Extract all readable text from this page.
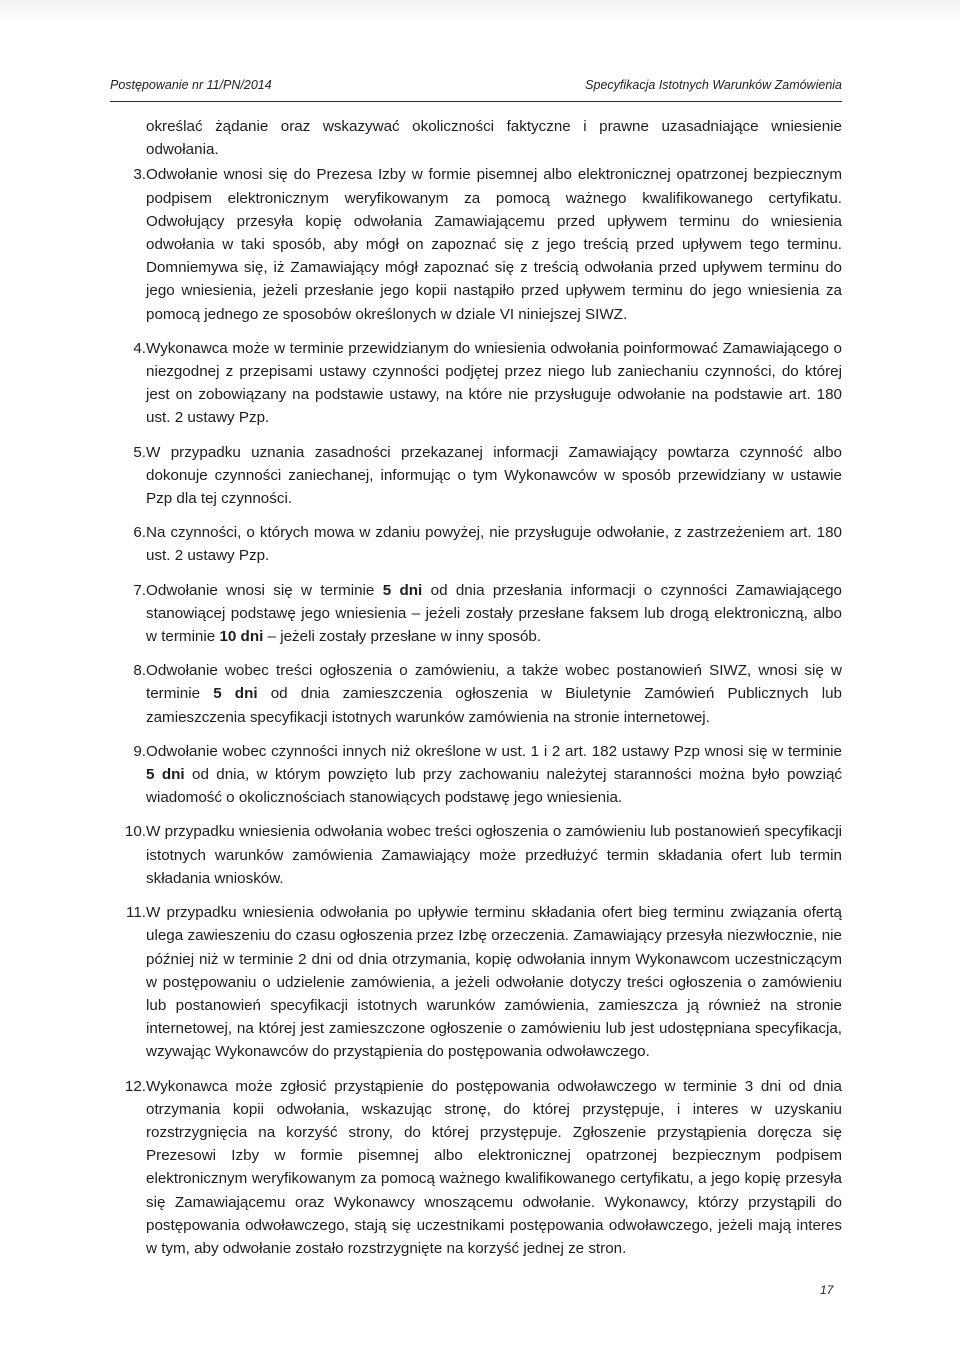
Postępowanie nr 11/PN/2014	Specyfikacja Istotnych Warunków Zamówienia
określać żądanie oraz wskazywać okoliczności faktyczne i prawne uzasadniające wniesienie odwołania.
3. Odwołanie wnosi się do Prezesa Izby w formie pisemnej albo elektronicznej opatrzonej bezpiecznym podpisem elektronicznym weryfikowanym za pomocą ważnego kwalifikowanego certyfikatu. Odwołujący przesyła kopię odwołania Zamawiającemu przed upływem terminu do wniesienia odwołania w taki sposób, aby mógł on zapoznać się z jego treścią przed upływem tego terminu. Domniemywa się, iż Zamawiający mógł zapoznać się z treścią odwołania przed upływem terminu do jego wniesienia, jeżeli przesłanie jego kopii nastąpiło przed upływem terminu do jego wniesienia za pomocą jednego ze sposobów określonych w dziale VI niniejszej SIWZ.
4. Wykonawca może w terminie przewidzianym do wniesienia odwołania poinformować Zamawiającego o niezgodnej z przepisami ustawy czynności podjętej przez niego lub zaniechaniu czynności, do której jest on zobowiązany na podstawie ustawy, na które nie przysługuje odwołanie na podstawie art. 180 ust. 2 ustawy Pzp.
5. W przypadku uznania zasadności przekazanej informacji Zamawiający powtarza czynność albo dokonuje czynności zaniechanej, informując o tym Wykonawców w sposób przewidziany w ustawie Pzp dla tej czynności.
6. Na czynności, o których mowa w zdaniu powyżej, nie przysługuje odwołanie, z zastrzeżeniem art. 180 ust. 2 ustawy Pzp.
7. Odwołanie wnosi się w terminie 5 dni od dnia przesłania informacji o czynności Zamawiającego stanowiącej podstawę jego wniesienia – jeżeli zostały przesłane faksem lub drogą elektroniczną, albo w terminie 10 dni – jeżeli zostały przesłane w inny sposób.
8. Odwołanie wobec treści ogłoszenia o zamówieniu, a także wobec postanowień SIWZ, wnosi się w terminie 5 dni od dnia zamieszczenia ogłoszenia w Biuletynie Zamówień Publicznych lub zamieszczenia specyfikacji istotnych warunków zamówienia na stronie internetowej.
9. Odwołanie wobec czynności innych niż określone w ust. 1 i 2 art. 182 ustawy Pzp wnosi się w terminie 5 dni od dnia, w którym powzięto lub przy zachowaniu należytej staranności można było powziąć wiadomość o okolicznościach stanowiących podstawę jego wniesienia.
10. W przypadku wniesienia odwołania wobec treści ogłoszenia o zamówieniu lub postanowień specyfikacji istotnych warunków zamówienia Zamawiający może przedłużyć termin składania ofert lub termin składania wniosków.
11. W przypadku wniesienia odwołania po upływie terminu składania ofert bieg terminu związania ofertą ulega zawieszeniu do czasu ogłoszenia przez Izbę orzeczenia. Zamawiający przesyła niezwłocznie, nie później niż w terminie 2 dni od dnia otrzymania, kopię odwołania innym Wykonawcom uczestniczącym w postępowaniu o udzielenie zamówienia, a jeżeli odwołanie dotyczy treści ogłoszenia o zamówieniu lub postanowień specyfikacji istotnych warunków zamówienia, zamieszcza ją również na stronie internetowej, na której jest zamieszczone ogłoszenie o zamówieniu lub jest udostępniana specyfikacja, wzywając Wykonawców do przystąpienia do postępowania odwoławczego.
12. Wykonawca może zgłosić przystąpienie do postępowania odwoławczego w terminie 3 dni od dnia otrzymania kopii odwołania, wskazując stronę, do której przystępuje, i interes w uzyskaniu rozstrzygnięcia na korzyść strony, do której przystępuje. Zgłoszenie przystąpienia doręcza się Prezesowi Izby w formie pisemnej albo elektronicznej opatrzonej bezpiecznym podpisem elektronicznym weryfikowanym za pomocą ważnego kwalifikowanego certyfikatu, a jego kopię przesyła się Zamawiającemu oraz Wykonawcy wnoszącemu odwołanie. Wykonawcy, którzy przystąpili do postępowania odwoławczego, stają się uczestnikami postępowania odwoławczego, jeżeli mają interes w tym, aby odwołanie zostało rozstrzygnięte na korzyść jednej ze stron.
17
